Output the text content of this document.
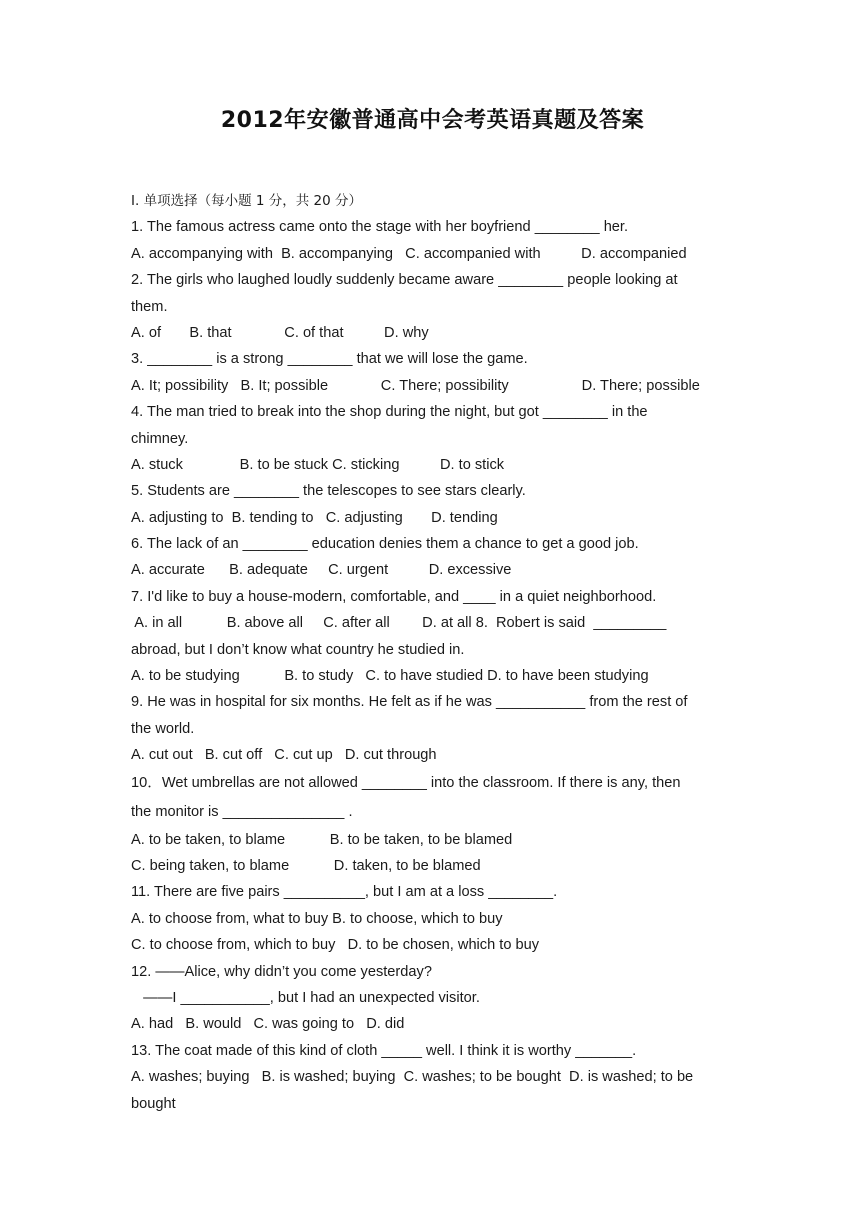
2012年安徽普通高中会考英语真题及答案
I. 单项选择（每小题 1 分，共 20 分）
1. The famous actress came onto the stage with her boyfriend ________ her.
A. accompanying with  B. accompanying   C. accompanied with          D. accompanied
2. The girls who laughed loudly suddenly became aware ________ people looking at
them.
A. of       B. that             C. of that          D. why
3. ________ is a strong ________ that we will lose the game.
A. It; possibility   B. It; possible             C. There; possibility                  D. There; possible
4. The man tried to break into the shop during the night, but got ________ in the
chimney.
A. stuck              B. to be stuck C. sticking          D. to stick
5. Students are ________ the telescopes to see stars clearly.
A. adjusting to  B. tending to   C. adjusting       D. tending
6. The lack of an ________ education denies them a chance to get a good job.
A. accurate      B. adequate     C. urgent          D. excessive
7. I'd like to buy a house-modern, comfortable, and ____ in a quiet neighborhood.
A. in all           B. above all     C. after all        D. at all 8.  Robert is said  _________
abroad, but I don’t know what country he studied in.
A. to be studying           B. to study   C. to have studied D. to have been studying
9. He was in hospital for six months. He felt as if he was ___________ from the rest of
the world.
A. cut out   B. cut off   C. cut up   D. cut through
10．Wet umbrellas are not allowed ________ into the classroom. If there is any, then
the monitor is _______________ .
A. to be taken, to blame           B. to be taken, to be blamed
C. being taken, to blame           D. taken, to be blamed
11. There are five pairs __________, but I am at a loss ________.
A. to choose from, what to buy B. to choose, which to buy
C. to choose from, which to buy   D. to be chosen, which to buy
12. ——Alice, why didn’t you come yesterday?
——I ___________, but I had an unexpected visitor.
A. had   B. would   C. was going to   D. did
13. The coat made of this kind of cloth _____ well. I think it is worthy _______.
A. washes; buying   B. is washed; buying  C. washes; to be bought  D. is washed; to be
bought
